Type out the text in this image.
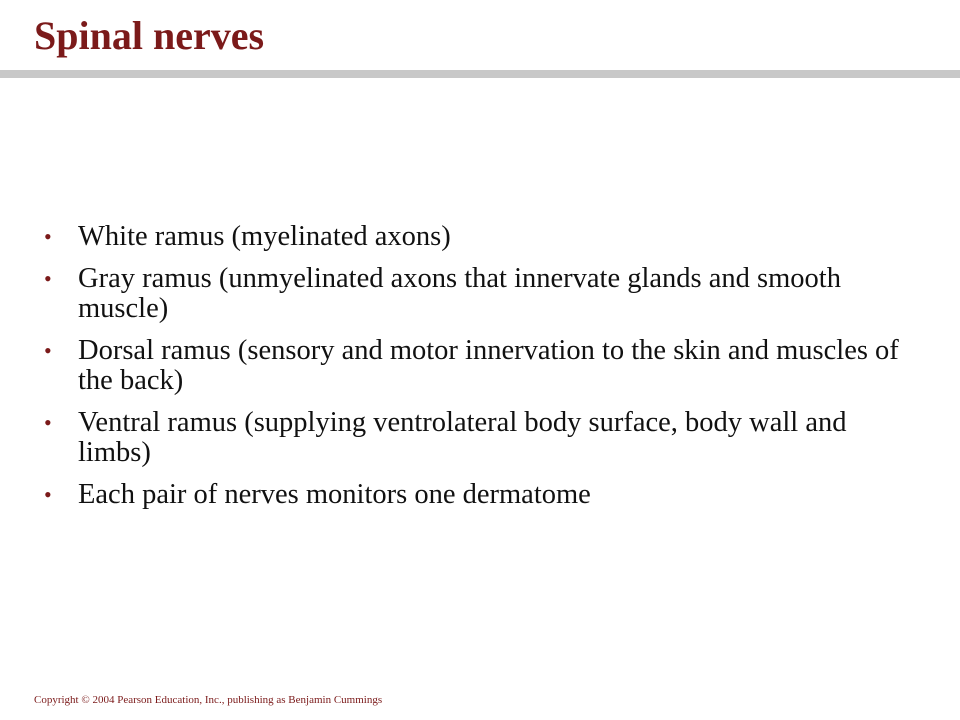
Spinal nerves
• White ramus (myelinated axons)
• Gray ramus (unmyelinated axons that innervate glands and smooth muscle)
• Dorsal ramus (sensory and motor innervation to the skin and muscles of the back)
• Ventral ramus (supplying ventrolateral body surface, body wall and limbs)
• Each pair of nerves monitors one dermatome
Copyright © 2004 Pearson Education, Inc., publishing as Benjamin Cummings
